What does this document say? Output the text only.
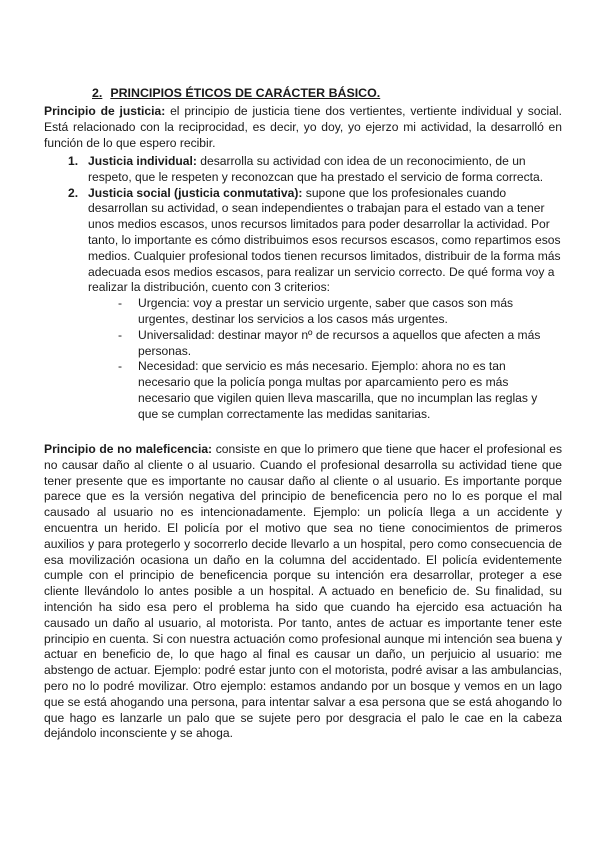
2. PRINCIPIOS ÉTICOS DE CARÁCTER BÁSICO.

Principio de justicia: el principio de justicia tiene dos vertientes, vertiente individual y social. Está relacionado con la reciprocidad, es decir, yo doy, yo ejerzo mi actividad, la desarrolló en función de lo que espero recibir.

1. Justicia individual: desarrolla su actividad con idea de un reconocimiento, de un respeto, que le respeten y reconozcan que ha prestado el servicio de forma correcta.
2. Justicia social (justicia conmutativa): supone que los profesionales cuando desarrollan su actividad, o sean independientes o trabajan para el estado van a tener unos medios escasos, unos recursos limitados para poder desarrollar la actividad. Por tanto, lo importante es cómo distribuimos esos recursos escasos, como repartimos esos medios. Cualquier profesional todos tienen recursos limitados, distribuir de la forma más adecuada esos medios escasos, para realizar un servicio correcto. De qué forma voy a realizar la distribución, cuento con 3 criterios:
- Urgencia: voy a prestar un servicio urgente, saber que casos son más urgentes, destinar los servicios a los casos más urgentes.
- Universalidad: destinar mayor nº de recursos a aquellos que afecten a más personas.
- Necesidad: que servicio es más necesario. Ejemplo: ahora no es tan necesario que la policía ponga multas por aparcamiento pero es más necesario que vigilen quien lleva mascarilla, que no incumplan las reglas y que se cumplan correctamente las medidas sanitarias.

Principio de no maleficencia: consiste en que lo primero que tiene que hacer el profesional es no causar daño al cliente o al usuario. Cuando el profesional desarrolla su actividad tiene que tener presente que es importante no causar daño al cliente o al usuario. Es importante porque parece que es la versión negativa del principio de beneficencia pero no lo es porque el mal causado al usuario no es intencionadamente. Ejemplo: un policía llega a un accidente y encuentra un herido. El policía por el motivo que sea no tiene conocimientos de primeros auxilios y para protegerlo y socorrerlo decide llevarlo a un hospital, pero como consecuencia de esa movilización ocasiona un daño en la columna del accidentado. El policía evidentemente cumple con el principio de beneficencia porque su intención era desarrollar, proteger a ese cliente llevándolo lo antes posible a un hospital. A actuado en beneficio de. Su finalidad, su intención ha sido esa pero el problema ha sido que cuando ha ejercido esa actuación ha causado un daño al usuario, al motorista. Por tanto, antes de actuar es importante tener este principio en cuenta. Si con nuestra actuación como profesional aunque mi intención sea buena y actuar en beneficio de, lo que hago al final es causar un daño, un perjuicio al usuario: me abstengo de actuar. Ejemplo: podré estar junto con el motorista, podré avisar a las ambulancias, pero no lo podré movilizar. Otro ejemplo: estamos andando por un bosque y vemos en un lago que se está ahogando una persona, para intentar salvar a esa persona que se está ahogando lo que hago es lanzarle un palo que se sujete pero por desgracia el palo le cae en la cabeza dejándolo inconsciente y se ahoga.
